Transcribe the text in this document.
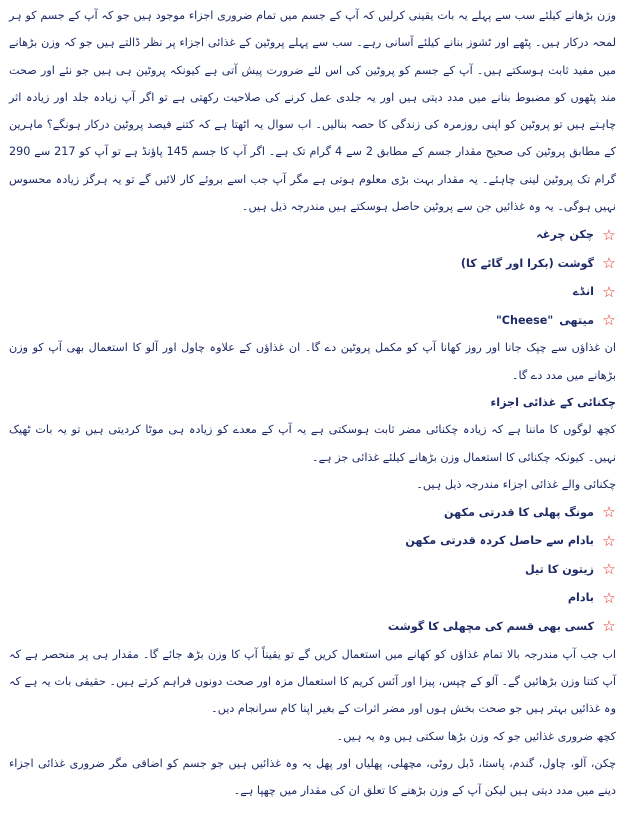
وزن بڑھانے کیلئے سب سے پہلے یہ بات یقینی کرلیں کہ آپ کے جسم میں تمام ضروری اجزاء موجود ہیں جو کہ آپ کے جسم کو ہر لمحہ درکار ہیں۔ پٹھے اور ٹشوز بنانے کیلئے آسانی رہے۔ سب سے پہلے پروٹین کے غذائی اجزاء پر نظر ڈالتے ہیں جو کہ وزن بڑھانے میں مفید ثابت ہوسکتے ہیں۔ آپ کے جسم کو پروٹین کی اس لئے ضرورت پیش آتی ہے کیونکہ پروٹین ہی ہیں جو نئے اور صحت مند پٹھوں کو مضبوط بنانے میں مدد دیتی ہیں اور یہ جلدی عمل کرنے کی صلاحیت رکھتی ہے تو اگر آپ زیادہ جلد اور زیادہ اثر چاہتے ہیں تو پروٹین کو اپنی روزمرہ کی زندگی کا حصہ بنالیں۔ اب سوال یہ اٹھتا ہے کہ کتنے فیصد پروٹین درکار ہونگے؟ ماہرین کے مطابق پروٹین کی صحیح مقدار جسم کے مطابق 2 سے 4 گرام تک ہے۔ اگر آپ کا جسم 145 پاؤنڈ ہے تو آپ کو 217 سے 290 گرام تک پروٹین لینی چاہئے۔ یہ مقدار بہت بڑی معلوم ہوتی ہے مگر آپ جب اسے بروئے کار لائیں گے تو یہ ہرگز زیادہ محسوس نہیں ہوگی۔ یہ وہ غذائیں جن سے پروٹین حاصل ہوسکتے ہیں مندرجہ ذیل ہیں۔

☆
چکن چرغہ
☆
گوشت (بکرا اور گائے کا)
☆
انڈے
☆
میتھی
"Cheese"

ان غذاؤں سے چپک جانا اور روز کھانا آپ کو مکمل پروٹین دے گا۔ ان غذاؤں کے علاوہ چاول اور آلو کا استعمال بھی آپ کو وزن بڑھانے میں مدد دے گا۔

چکنائی کے غذائی اجزاء

کچھ لوگوں کا ماننا ہے کہ زیادہ چکنائی مضر ثابت ہوسکتی ہے یہ آپ کے معدے کو زیادہ ہی موٹا کردیتی ہیں تو یہ بات ٹھیک نہیں۔ کیونکہ چکنائی کا استعمال وزن بڑھانے کیلئے غذائی جز ہے۔

چکنائی والے غذائی اجزاء مندرجہ ذیل ہیں۔

☆
مونگ پھلی کا قدرتی مکھن
☆
بادام سے حاصل کردہ قدرتی مکھن
☆
زیتون کا تیل
☆
بادام
☆
کسی بھی قسم کی مچھلی کا گوشت

اب جب آپ مندرجہ بالا تمام غذاؤں کو کھانے میں استعمال کریں گے تو یقیناً آپ کا وزن بڑھ جائے گا۔ مقدار ہی پر منحصر ہے کہ آپ کتنا وزن بڑھائیں گے۔ آلو کے چپس، پیزا اور آئس کریم کا استعمال مزہ اور صحت دونوں فراہم کرتے ہیں۔ حقیقی بات یہ ہے کہ وہ غذائیں بہتر ہیں جو صحت بخش ہوں اور مضر اثرات کے بغیر اپنا کام سرانجام دیں۔

کچھ ضروری غذائیں جو کہ وزن بڑھا سکتی ہیں وہ یہ ہیں۔

چکن، آلو، چاول، گندم، پاستا، ڈبل روٹی، مچھلی، پھلیاں اور پھل یہ وہ غذائیں ہیں جو جسم کو اضافی مگر ضروری غذائی اجزاء دینے میں مدد دیتی ہیں لیکن آپ کے وزن بڑھنے کا تعلق ان کی مقدار میں چھپا ہے۔
